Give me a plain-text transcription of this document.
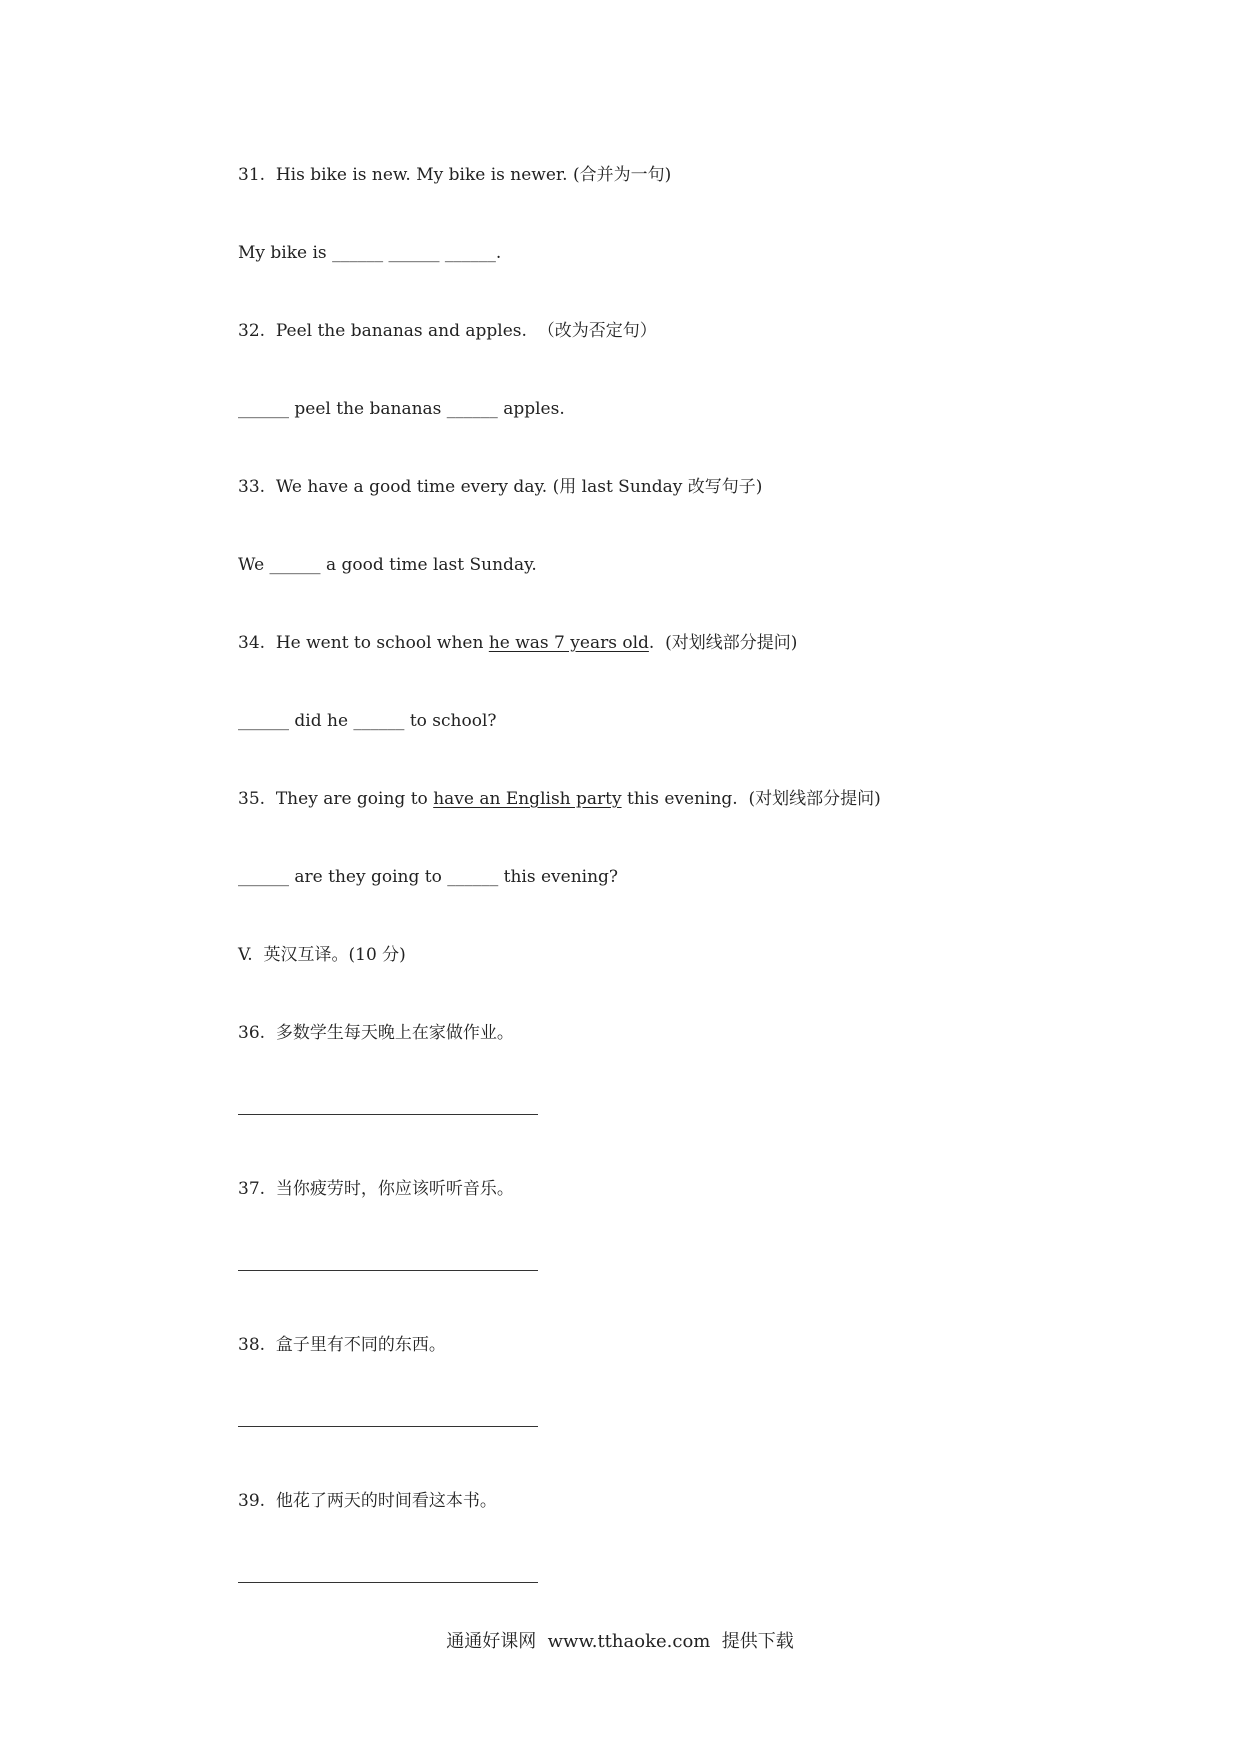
31.  His bike is new. My bike is newer. (合并为一句)
My bike is ______ ______ ______.
32.  Peel the bananas and apples.  （改为否定句）
______ peel the bananas ______ apples.
33.  We have a good time every day. (用 last Sunday 改写句子)
We ______ a good time last Sunday.
34.  He went to school when he was 7 years old.  (对划线部分提问)
______ did he ______ to school?
35.  They are going to have an English party this evening.  (对划线部分提问)
______ are they going to ______ this evening?
V.  英汉互译。(10 分)
36.  多数学生每天晚上在家做作业。
37.  当你疲劳时，你应该听听音乐。
38.  盒子里有不同的东西。
39.  他花了两天的时间看这本书。
通通好课网  www.tthaoke.com  提供下载
